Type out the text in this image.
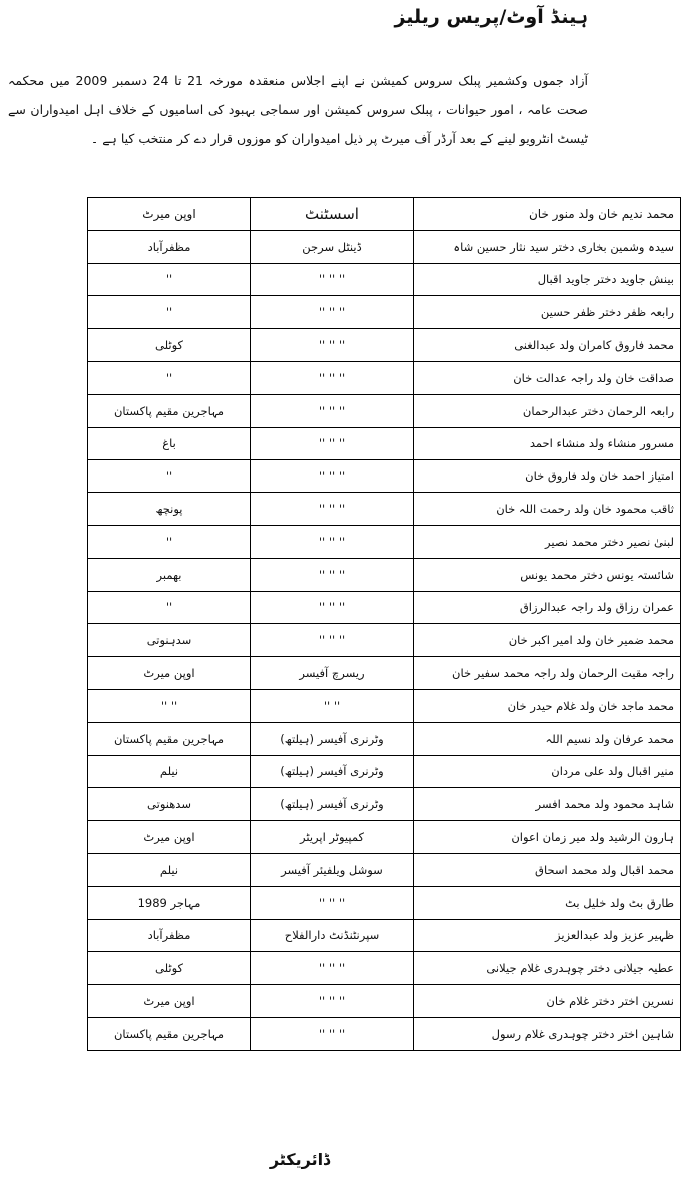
ہینڈ آوٹ/پریس ریلیز
آزاد جموں وکشمیر پبلک سروس کمیشن نے اپنے اجلاس منعقدہ مورخہ 21 تا 24 دسمبر 2009 میں محکمہ صحت عامہ ، امور حیوانات ، پبلک سروس کمیشن اور سماجی بہبود کی اسامیوں کے خلاف اہل امیدواران سے ٹیسٹ انٹرویو لینے کے بعد آرڈر آف میرٹ پر ذیل امیدواران کو موزوں قرار دے کر منتخب کیا ہے ۔
محمد ندیم خان ولد منور خان	اسسٹنٹ	اوپن میرٹ
سیدہ وشمین بخاری دختر سید نثار حسین شاہ	ڈینٹل سرجن	مظفرآباد
بینش جاوید دختر جاوید اقبال	'' '' ''	''
رابعہ ظفر دختر ظفر حسین	'' '' ''	''
محمد فاروق کامران ولد عبدالغنی	'' '' ''	کوٹلی
صداقت خان ولد راجہ عدالت خان	'' '' ''	''
رابعہ الرحمان دختر عبدالرحمان	'' '' ''	مہاجرین مقیم پاکستان
مسرور منشاء ولد منشاء احمد	'' '' ''	باغ
امتیاز احمد خان ولد فاروق خان	'' '' ''	''
ثاقب محمود خان ولد رحمت اللہ خان	'' '' ''	پونچھ
لبنیٰ نصیر دختر محمد نصیر	'' '' ''	''
شائستہ یونس دختر محمد یونس	'' '' ''	بھمبر
عمران رزاق ولد راجہ عبدالرزاق	'' '' ''	''
محمد ضمیر خان ولد امیر اکبر خان	'' '' ''	سدہنوتی
راجہ مقیت الرحمان ولد راجہ محمد سفیر خان	ریسرچ آفیسر	اوپن میرٹ
محمد ماجد خان ولد غلام حیدر خان	'' ''	'' ''
محمد عرفان ولد نسیم اللہ	وٹرنری آفیسر (ہیلتھ)	مہاجرین مقیم پاکستان
منیر اقبال ولد علی مردان	وٹرنری آفیسر (ہیلتھ)	نیلم
شاہد محمود ولد محمد افسر	وٹرنری آفیسر (ہیلتھ)	سدھنوتی
ہارون الرشید ولد میر زمان اعوان	کمپیوٹر اپریٹر	اوپن میرٹ
محمد اقبال ولد محمد اسحاق	سوشل ویلفیئر آفیسر	نیلم
طارق بٹ ولد خلیل بٹ	'' '' ''	مہاجر 1989
ظہیر عزیز ولد عبدالعزیز	سپرنٹنڈنٹ دارالفلاح	مظفرآباد
عطیہ جیلانی دختر چوہدری غلام جیلانی	'' '' ''	کوٹلی
نسرین اختر دختر غلام خان	'' '' ''	اوپن میرٹ
شاہین اختر دختر چوہدری غلام رسول	'' '' ''	مہاجرین مقیم پاکستان
ڈائریکٹر
